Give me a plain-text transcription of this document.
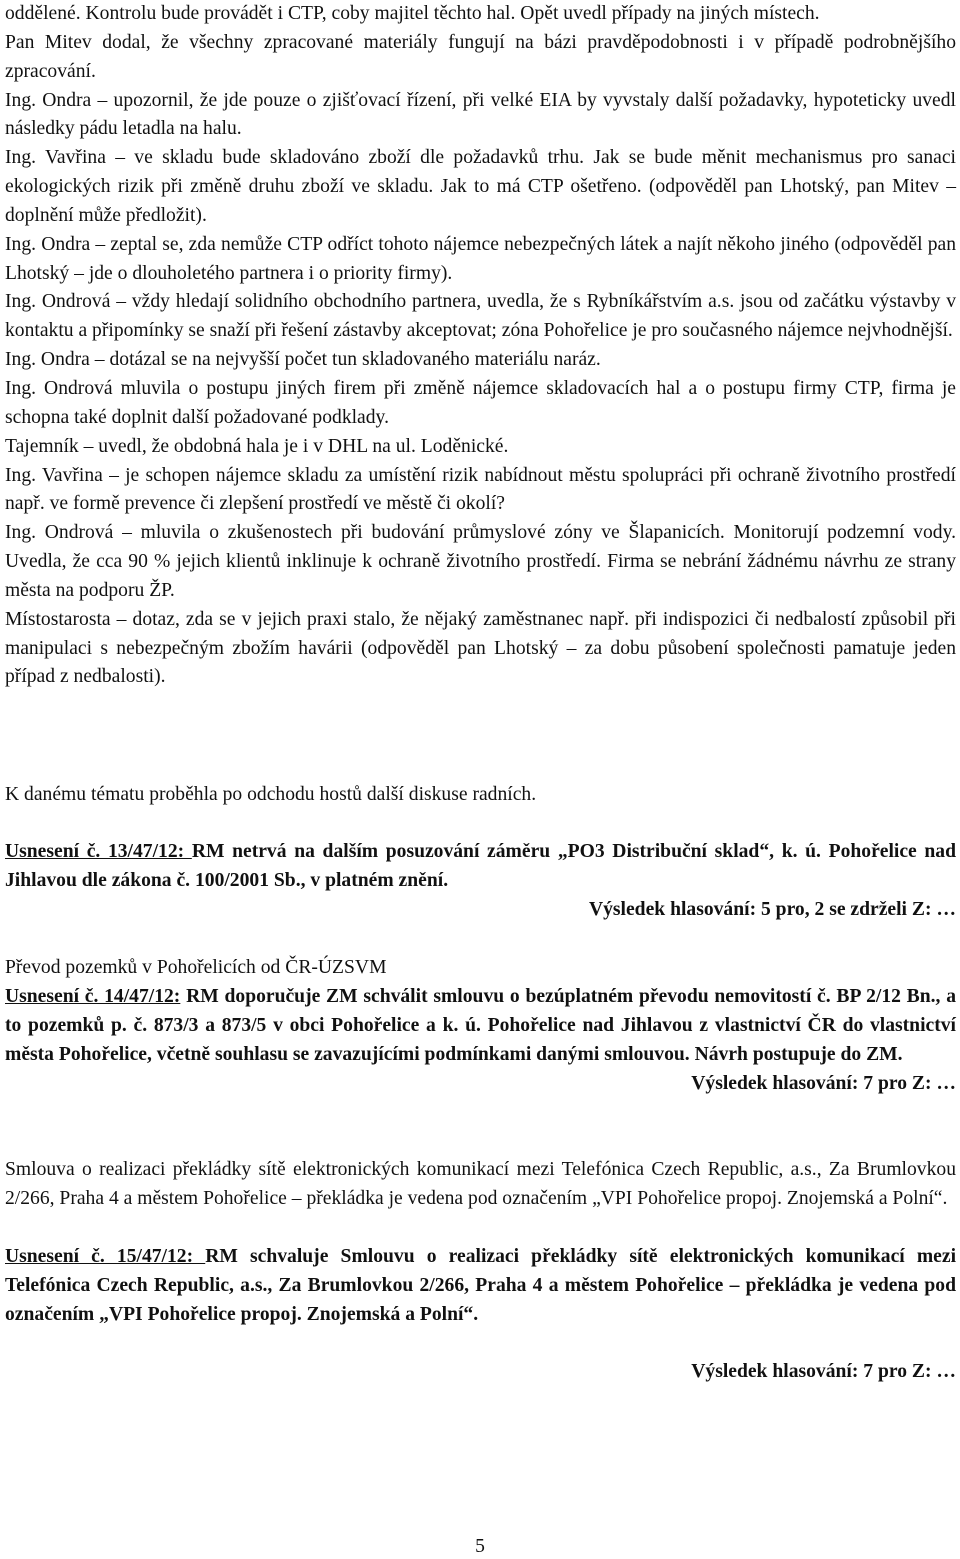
oddělené. Kontrolu bude provádět i CTP, coby majitel těchto hal. Opět uvedl případy na jiných místech.

Pan Mitev dodal, že všechny zpracované materiály fungují na bázi pravděpodobnosti i v případě podrobnějšího zpracování.

Ing. Ondra – upozornil, že jde pouze o zjišťovací řízení, při velké EIA by vyvstaly další požadavky, hypoteticky uvedl následky pádu letadla na halu.

Ing. Vavřina – ve skladu bude skladováno zboží dle požadavků trhu. Jak se bude měnit mechanismus pro sanaci ekologických rizik při změně druhu zboží ve skladu. Jak to má CTP ošetřeno. (odpověděl pan Lhotský, pan Mitev – doplnění může předložit).

Ing. Ondra – zeptal se, zda nemůže CTP odříct tohoto nájemce nebezpečných látek a najít někoho jiného (odpověděl pan Lhotský – jde o dlouholetého partnera i o priority firmy).

Ing. Ondrová – vždy hledají solidního obchodního partnera, uvedla, že s Rybníkářstvím a.s. jsou od začátku výstavby v kontaktu a připomínky se snaží při řešení zástavby akceptovat; zóna Pohořelice je pro současného nájemce nejvhodnější.

Ing. Ondra – dotázal se na nejvyšší počet tun skladovaného materiálu naráz.

Ing. Ondrová mluvila o postupu jiných firem při změně nájemce skladovacích hal a o postupu firmy CTP, firma je schopna také doplnit další požadované podklady.

Tajemník – uvedl, že obdobná hala je i v DHL na ul. Loděnické.

Ing. Vavřina – je schopen nájemce skladu za umístění rizik nabídnout městu spolupráci při ochraně životního prostředí např. ve formě prevence či zlepšení prostředí ve městě či okolí?

Ing. Ondrová – mluvila o zkušenostech při budování průmyslové zóny ve Šlapanicích. Monitorují podzemní vody. Uvedla, že cca 90 % jejich klientů inklinuje k ochraně životního prostředí. Firma se nebrání žádnému návrhu ze strany města na podporu ŽP.

Místostarosta – dotaz, zda se v jejich praxi stalo, že nějaký zaměstnanec např. při indispozici či nedbalostí způsobil při manipulaci s nebezpečným zbožím havárii (odpověděl pan Lhotský – za dobu působení společnosti pamatuje jeden případ z nedbalosti).

K danému tématu proběhla po odchodu hostů další diskuse radních.

Usnesení č. 13/47/12: RM netrvá na dalším posuzování záměru „PO3 Distribuční sklad“, k. ú. Pohořelice nad Jihlavou dle zákona č. 100/2001 Sb., v platném znění.

Výsledek hlasování: 5 pro, 2 se zdrželi Z: …

Převod pozemků v Pohořelicích od ČR-ÚZSVM

Usnesení č. 14/47/12: RM doporučuje ZM schválit smlouvu o bezúplatném převodu nemovitostí č. BP 2/12 Bn., a to pozemků p. č. 873/3 a 873/5 v obci Pohořelice a k. ú. Pohořelice nad Jihlavou z vlastnictví ČR do vlastnictví města Pohořelice, včetně souhlasu se zavazujícími podmínkami danými smlouvou. Návrh postupuje do ZM.

Výsledek hlasování: 7 pro Z: …

Smlouva o realizaci překládky sítě elektronických komunikací mezi Telefónica Czech Republic, a.s., Za Brumlovkou 2/266, Praha 4 a městem Pohořelice – překládka je vedena pod označením „VPI Pohořelice propoj. Znojemská a Polní“.

Usnesení č. 15/47/12: RM schvaluje Smlouvu o realizaci překládky sítě elektronických komunikací mezi Telefónica Czech Republic, a.s., Za Brumlovkou 2/266, Praha 4 a městem Pohořelice – překládka je vedena pod označením „VPI Pohořelice propoj. Znojemská a Polní“.

Výsledek hlasování: 7 pro Z: …

5
